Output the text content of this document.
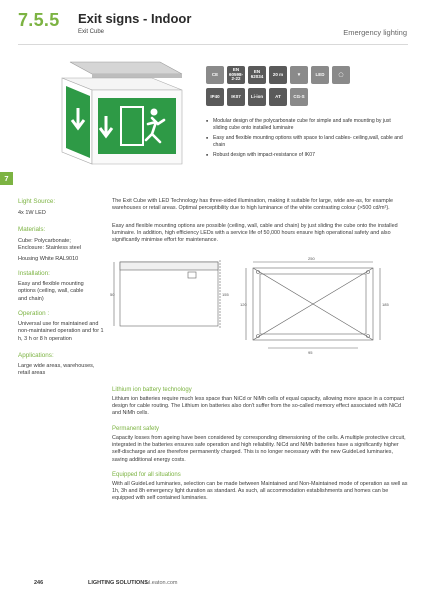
7.5.5 Exit signs - Indoor
Exit Cube	Emergency lighting
CE
EN 60598-2-22
EN 62034	20 m	▼	LED	◯
IP40	IK07	Li-ion	AT	CG-S
■ Modular design of the polycarbonate cube for simple and safe mounting by just sliding cube onto installed luminaire
■ Easy and flexible mounting options with space to land cables- ceiling,wall, cable and chain
■ Robust design with impact-resistance of IK07
7
Light Source:
4x 1W LED
Materials:
Cube: Polycarbonate;
Enclosure: Stainless steel
Housing White RAL9010
Installation:
Easy and flexible mounting options (ceiling, wall, cable and chain)
Operation :
Universal use for maintained and non-maintained operation and for 1 h, 3 h or 8 h operation
Applications:
Large wide areas, warehouses, retail areas
The Exit Cube with LED Technology has three-sided illumination, making it suitable for large, wide are-as, for example warehouses or retail areas. Optimal perceptibility due to high luminance of the white contrasting colour (>500 cd/m²).
Easy and flexible mounting options are possible (ceiling, wall, cable and chain) by just sliding the cube onto the installed luminaire. In addition, high efficiency LEDs with a service life of 50,000 hours ensure high operational safety and also significantly minimise effort for maintenance.
250
185
50	155
95
120
Lithium ion battery technology
Lithium ion batteries require much less space than NiCd or NiMh cells of equal capacity, allowing more space in a compact design for cable routing. The Lithium ion batteries also don't suffer from the so-called memory effect associated with NiCd and NiMh cells.
Permanent safety
Capacity losses from ageing have been considered by corresponding dimensioning of the cells. A multiple protective circuit, integrated in the batteries ensures safe operation and high reliability. NiCd and NiMh batteries have a significantly higher self-discharge and are therefore permanently charged. This is no longer necessary with the new GuideLed luminaries, saving additional energy costs.
Equipped for all situations
With all GuideLed luminaries, selection can be made between Maintained and Non-Maintained mode of operation as well as 1h, 3h and 8h emergency light duration as standard. As such, all accommodation establishments and homes can be equipped with self contained luminaries.
246	LIGHTING SOLUTIONS
ul.eaton.com
